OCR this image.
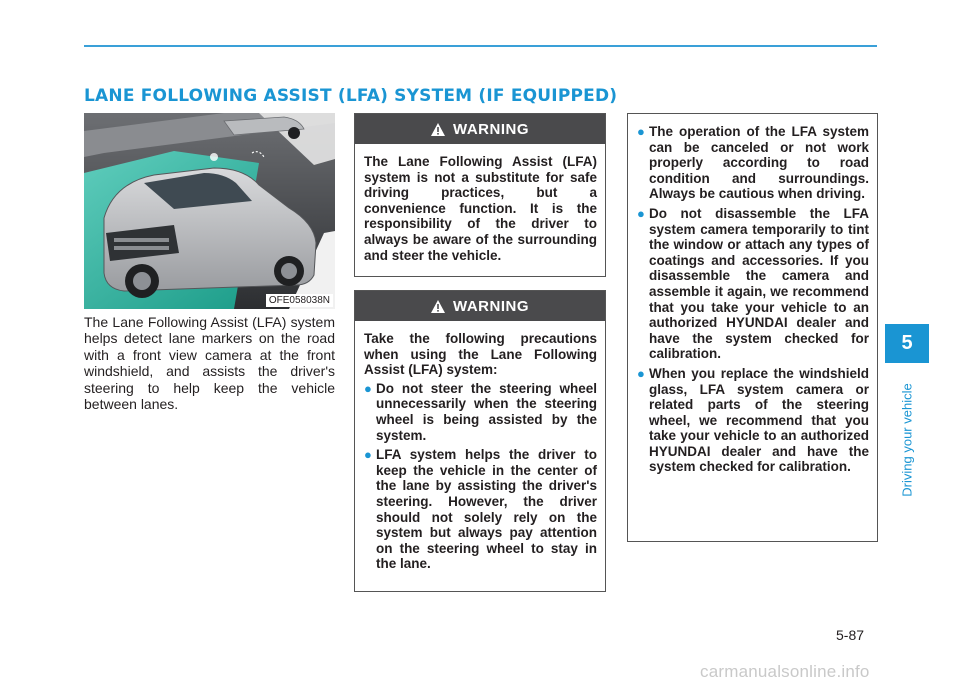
LANE FOLLOWING ASSIST (LFA) SYSTEM (IF EQUIPPED)
OFE058038N
The Lane Following Assist (LFA) system helps detect lane markers on the road with a front view camera at the front windshield, and assists the driver's steering to help keep the vehicle between lanes.
WARNING

The Lane Following Assist (LFA) system is not a substitute for safe driving practices, but a convenience function. It is the responsibility of the driver to always be aware of the surrounding and steer the vehicle.

WARNING

Take the following precautions when using the Lane Following Assist (LFA) system:

● Do not steer the steering wheel unnecessarily when the steering wheel is being assisted by the system.
● LFA system helps the driver to keep the vehicle in the center of the lane by assisting the driver's steering. However, the driver should not solely rely on the system but always pay attention on the steering wheel to stay in the lane.
● The operation of the LFA system can be canceled or not work properly according to road condition and surroundings. Always be cautious when driving.
● Do not disassemble the LFA system camera temporarily to tint the window or attach any types of coatings and accessories. If you disassemble the camera and assemble it again, we recommend that you take your vehicle to an authorized HYUNDAI dealer and have the system checked for calibration.
● When you replace the windshield glass, LFA system camera or related parts of the steering wheel, we recommend that you take your vehicle to an authorized HYUNDAI dealer and have the system checked for calibration.
5
Driving your vehicle
5-87
carmanualsonline.info
